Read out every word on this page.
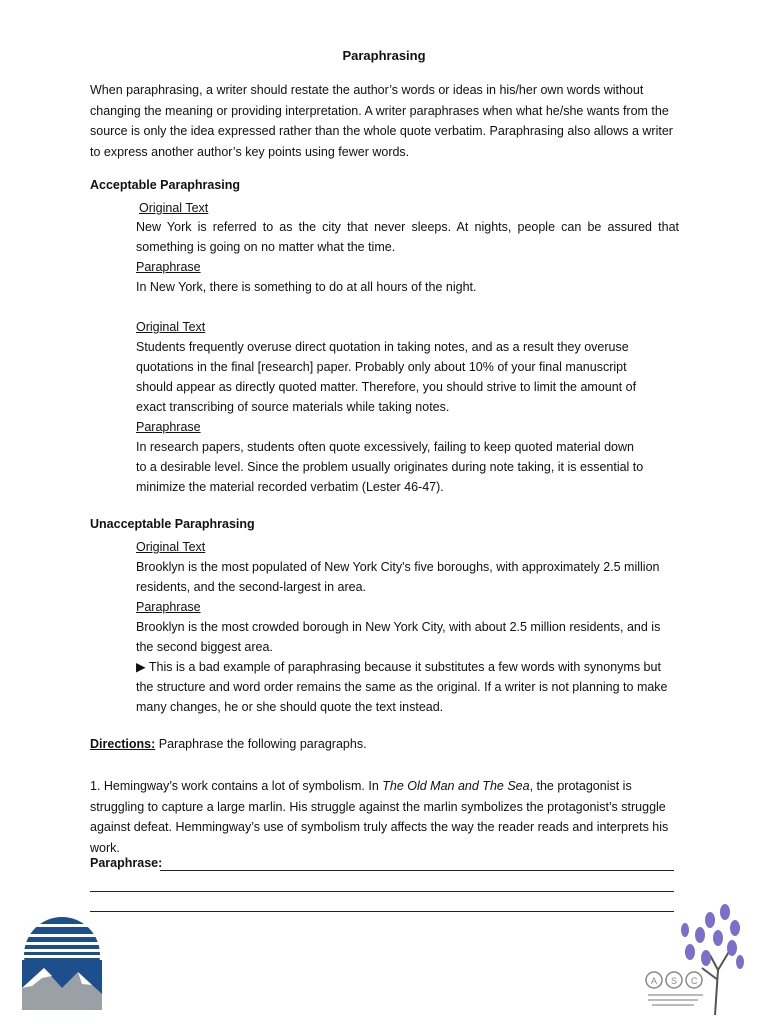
Paraphrasing
When paraphrasing, a writer should restate the author’s words or ideas in his/her own words without changing the meaning or providing interpretation. A writer paraphrases when what he/she wants from the source is only the idea expressed rather than the whole quote verbatim. Paraphrasing also allows a writer to express another author’s key points using fewer words.
Acceptable Paraphrasing
Original Text
New York is referred to as the city that never sleeps. At nights, people can be assured that something is going on no matter what the time.
Paraphrase
In New York, there is something to do at all hours of the night.
Original Text
Students frequently overuse direct quotation in taking notes, and as a result they overuse
quotations in the final [research] paper. Probably only about 10% of your final manuscript
should appear as directly quoted matter. Therefore, you should strive to limit the amount of
exact transcribing of source materials while taking notes.
Paraphrase
In research papers, students often quote excessively, failing to keep quoted material down
to a desirable level. Since the problem usually originates during note taking, it is essential to
minimize the material recorded verbatim (Lester 46-47).
Unacceptable Paraphrasing
Original Text
Brooklyn is the most populated of New York City's five boroughs, with approximately 2.5 million residents, and the second-largest in area.
Paraphrase
Brooklyn is the most crowded borough in New York City, with about 2.5 million residents, and is the second biggest area.
▶ This is a bad example of paraphrasing because it substitutes a few words with synonyms but the structure and word order remains the same as the original. If a writer is not planning to make many changes, he or she should quote the text instead.
Directions: Paraphrase the following paragraphs.
1. Hemingway’s work contains a lot of symbolism. In The Old Man and The Sea, the protagonist is struggling to capture a large marlin. His struggle against the marlin symbolizes the protagonist’s struggle against defeat. Hemmingway’s use of symbolism truly affects the way the reader reads and interprets his work.
Paraphrase:
A S C
